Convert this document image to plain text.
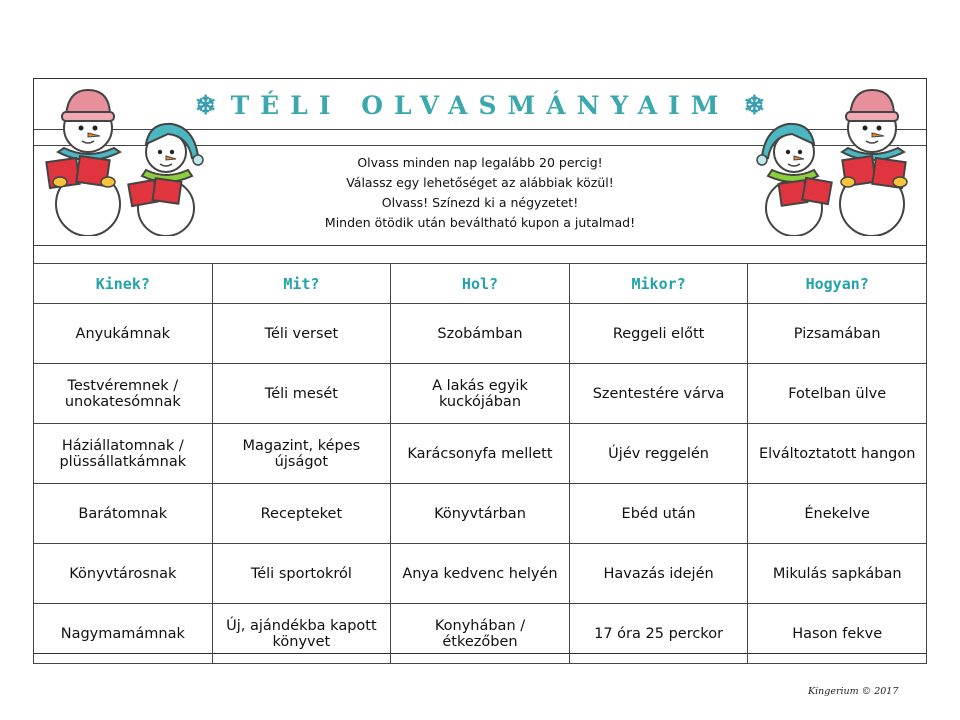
❄ TÉLI OLVASMÁNYAIM ❄
Olvass minden nap legalább 20 percig!
Válassz egy lehetőséget az alábbiak közül!
Olvass! Színezd ki a négyzetet!
Minden ötödik után beváltható kupon a jutalmad!
Kinek?	Mit?	Hol?	Mikor?	Hogyan?
Anyukámnak	Téli verset	Szobámban	Reggeli előtt	Pizsamában
Testvéremnek / unokatesómnak	Téli mesét	A lakás egyik kuckójában	Szentestére várva	Fotelban ülve
Háziállatomnak / plüssállatkámnak	Magazint, képes újságot	Karácsonyfa mellett	Újév reggelén	Elváltoztatott hangon
Barátomnak	Recepteket	Könyvtárban	Ebéd után	Énekelve
Könyvtárosnak	Téli sportokról	Anya kedvenc helyén	Havazás idején	Mikulás sapkában
Nagymamámnak	Új, ajándékba kapott könyvet	Konyhában / étkezőben	17 óra 25 perckor	Hason fekve
Kingerium © 2017
